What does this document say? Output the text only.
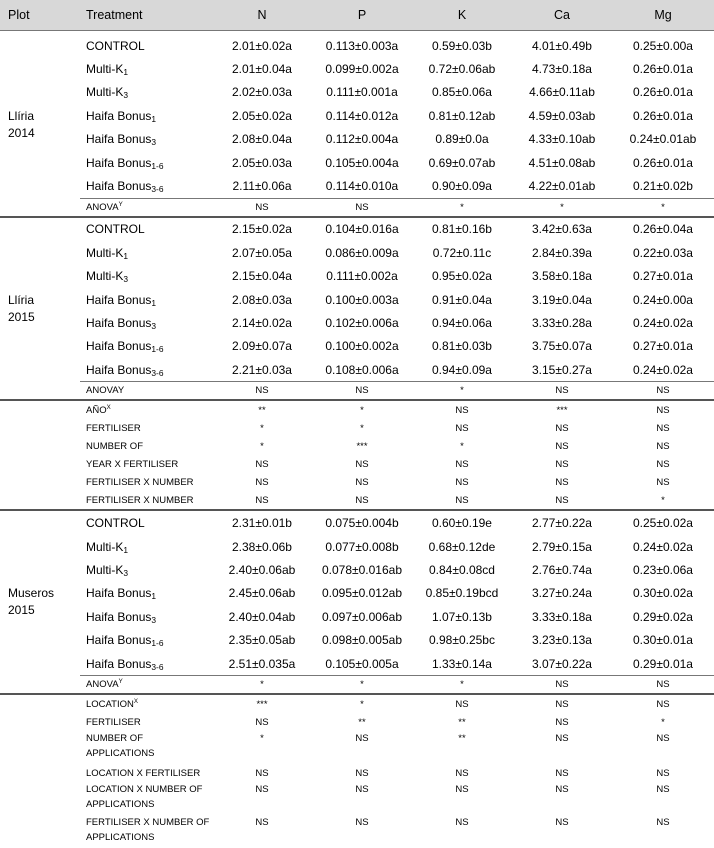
Plot	Treatment	N	P	K	Ca	Mg
Llíria
2014	CONTROL	2.01±0.02a	0.113±0.003a	0.59±0.03b	4.01±0.49b	0.25±0.00a
	Multi-$K_1$	2.01±0.04a	0.099±0.002a	0.72±0.06ab	4.73±0.18a	0.26±0.01a
	Multi-$K_3$	2.02±0.03a	0.111±0.001a	0.85±0.06a	4.66±0.11ab	0.26±0.01a
	Haifa Bonus$_1$	2.05±0.02a	0.114±0.012a	0.81±0.12ab	4.59±0.03ab	0.26±0.01a
	Haifa Bonus$_3$	2.08±0.04a	0.112±0.004a	0.89±0.0a	4.33±0.10ab	0.24±0.01ab
	Haifa Bonus$_{1-6}$	2.05±0.03a	0.105±0.004a	0.69±0.07ab	4.51±0.08ab	0.26±0.01a
	Haifa Bonus$_{3-6}$	2.11±0.06a	0.114±0.010a	0.90±0.09a	4.22±0.01ab	0.21±0.02b
	$ANOVA^Y$	NS	NS	*	*	*
Llíria
2015	CONTROL	2.15±0.02a	0.104±0.016a	0.81±0.16b	3.42±0.63a	0.26±0.04a
	Multi-$K_1$	2.07±0.05a	0.086±0.009a	0.72±0.11c	2.84±0.39a	0.22±0.03a
	Multi-$K_3$	2.15±0.04a	0.111±0.002a	0.95±0.02a	3.58±0.18a	0.27±0.01a
	Haifa Bonus$_1$	2.08±0.03a	0.100±0.003a	0.91±0.04a	3.19±0.04a	0.24±0.00a
	Haifa Bonus$_3$	2.14±0.02a	0.102±0.006a	0.94±0.06a	3.33±0.28a	0.24±0.02a
	Haifa Bonus$_{1-6}$	2.09±0.07a	0.100±0.002a	0.81±0.03b	3.75±0.07a	0.27±0.01a
	Haifa Bonus$_{3-6}$	2.21±0.03a	0.108±0.006a	0.94±0.09a	3.15±0.27a	0.24±0.02a
	ANOVAY	NS	NS	*	NS	NS
	$AÑO^X$	**	*	NS	***	NS
	FERTILISER	*	*	NS	NS	NS
	NUMBER OF	*	***	*	NS	NS
	YEAR X FERTILISER	NS	NS	NS	NS	NS
	FERTILISER X NUMBER	NS	NS	NS	NS	NS
	FERTILISER X NUMBER	NS	NS	NS	NS	*
Museros
2015	CONTROL	2.31±0.01b	0.075±0.004b	0.60±0.19e	2.77±0.22a	0.25±0.02a
	Multi-$K_1$	2.38±0.06b	0.077±0.008b	0.68±0.12de	2.79±0.15a	0.24±0.02a
	Multi-$K_3$	2.40±0.06ab	0.078±0.016ab	0.84±0.08cd	2.76±0.74a	0.23±0.06a
	Haifa Bonus$_1$	2.45±0.06ab	0.095±0.012ab	0.85±0.19bcd	3.27±0.24a	0.30±0.02a
	Haifa Bonus$_3$	2.40±0.04ab	0.097±0.006ab	1.07±0.13b	3.33±0.18a	0.29±0.02a
	Haifa Bonus$_{1-6}$	2.35±0.05ab	0.098±0.005ab	0.98±0.25bc	3.23±0.13a	0.30±0.01a
	Haifa Bonus$_{3-6}$	2.51±0.035a	0.105±0.005a	1.33±0.14a	3.07±0.22a	0.29±0.01a
	$ANOVA^Y$	*	*	*	NS	NS
	$LOCATION^X$	***	*	NS	NS	NS
	FERTILISER	NS	**	**	NS	*
	NUMBER OF APPLICATIONS	*	NS	**	NS	NS
	LOCATION X FERTILISER	NS	NS	NS	NS	NS
	LOCATION X NUMBER OF APPLICATIONS	NS	NS	NS	NS	NS
	FERTILISER X NUMBER OF APPLICATIONS	NS	NS	NS	NS	NS
